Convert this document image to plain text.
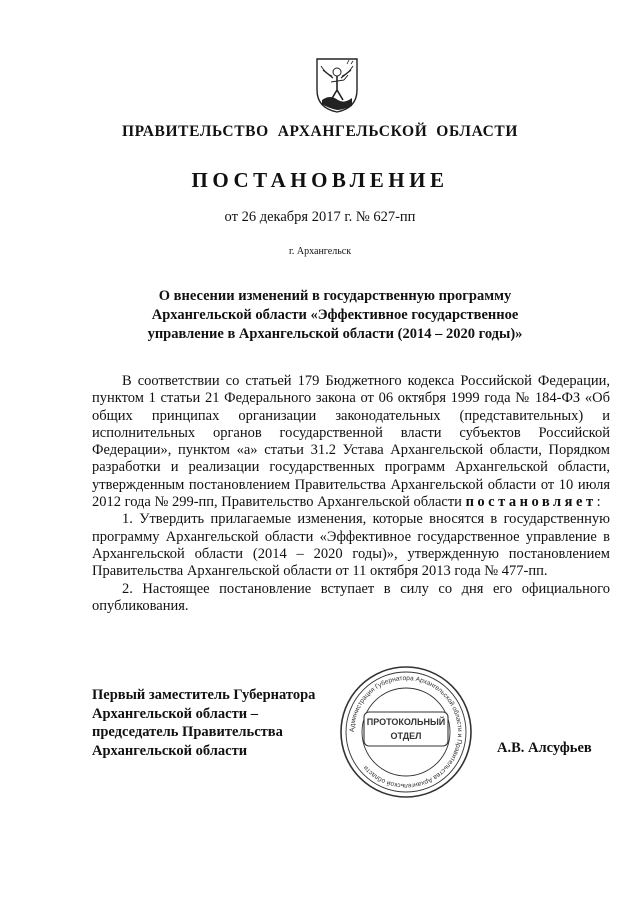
ПРАВИТЕЛЬСТВО  АРХАНГЕЛЬСКОЙ  ОБЛАСТИ
ПОСТАНОВЛЕНИЕ
от 26 декабря 2017 г. № 627-пп
г. Архангельск
О внесении изменений в государственную программу Архангельской области «Эффективное государственное управление в Архангельской области (2014 – 2020 годы)»

В соответствии со статьей 179 Бюджетного кодекса Российской Федерации, пунктом 1 статьи 21 Федерального закона от 06 октября 1999 года № 184-ФЗ «Об общих принципах организации законодательных (представительных) и исполнительных органов государственной власти субъектов Российской Федерации», пунктом «а» статьи 31.2 Устава Архангельской области, Порядком разработки и реализации государственных программ Архангельской области, утвержденным постановлением Правительства Архангельской области от 10 июля 2012 года № 299-пп, Правительство Архангельской области постановляет:

1. Утвердить прилагаемые изменения, которые вносятся в государственную программу Архангельской области «Эффективное государственное управление в Архангельской области (2014 – 2020 годы)», утвержденную постановлением Правительства Архангельской области от 11 октября 2013 года № 477-пп.

2. Настоящее постановление вступает в силу со дня его официального опубликования.

Первый заместитель Губернатора
Архангельской области –
председатель Правительства
Архангельской области	А.В. Алсуфьев
Администрация Губернатора Архангельской области и Правительства Архангельской области
ПРОТОКОЛЬНЫЙ
ОТДЕЛ
